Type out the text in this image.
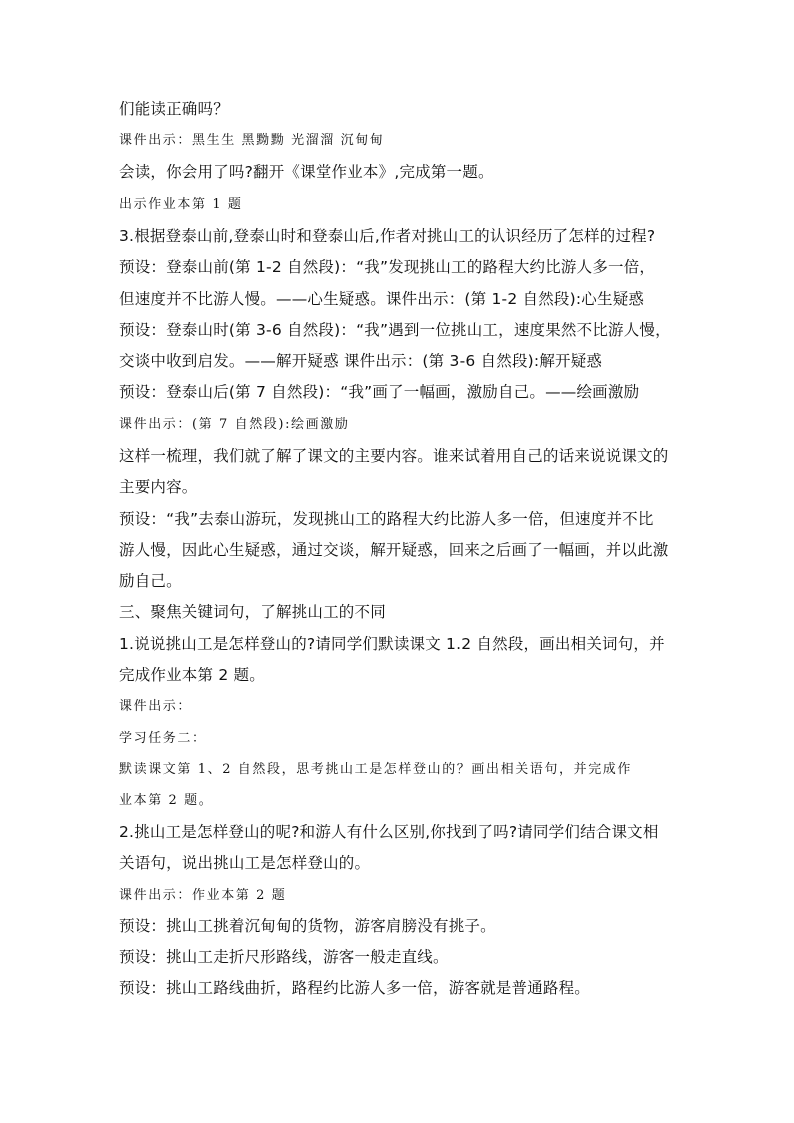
们能读正确吗？
课件出示：黑生生 黑黝黝 光溜溜 沉甸甸
会读，你会用了吗?翻开《课堂作业本》,完成第一题。
出示作业本第 1 题
3.根据登泰山前,登泰山时和登泰山后,作者对挑山工的认识经历了怎样的过程?
预设：登泰山前(第 1-2 自然段)：“我”发现挑山工的路程大约比游人多一倍，
但速度并不比游人慢。——心生疑惑。课件出示：(第 1-2 自然段):心生疑惑
预设：登泰山时(第 3-6 自然段)：“我”遇到一位挑山工，速度果然不比游人慢，
交谈中收到启发。——解开疑惑 课件出示：(第 3-6 自然段):解开疑惑
预设：登泰山后(第 7 自然段)：“我”画了一幅画，激励自己。——绘画激励
课件出示：(第 7 自然段):绘画激励
这样一梳理，我们就了解了课文的主要内容。谁来试着用自己的话来说说课文的
主要内容。
预设：“我”去泰山游玩，发现挑山工的路程大约比游人多一倍，但速度并不比
游人慢，因此心生疑惑，通过交谈，解开疑惑，回来之后画了一幅画，并以此激
励自己。
三、聚焦关键词句，了解挑山工的不同
1.说说挑山工是怎样登山的?请同学们默读课文 1.2 自然段，画出相关词句，并
完成作业本第 2 题。
课件出示：
学习任务二：
默读课文第 1、2 自然段，思考挑山工是怎样登山的？画出相关语句，并完成作
业本第 2 题。
2.挑山工是怎样登山的呢?和游人有什么区别,你找到了吗?请同学们结合课文相
关语句，说出挑山工是怎样登山的。
课件出示：作业本第 2 题
预设：挑山工挑着沉甸甸的货物，游客肩膀没有挑子。
预设：挑山工走折尺形路线，游客一般走直线。
预设：挑山工路线曲折，路程约比游人多一倍，游客就是普通路程。
